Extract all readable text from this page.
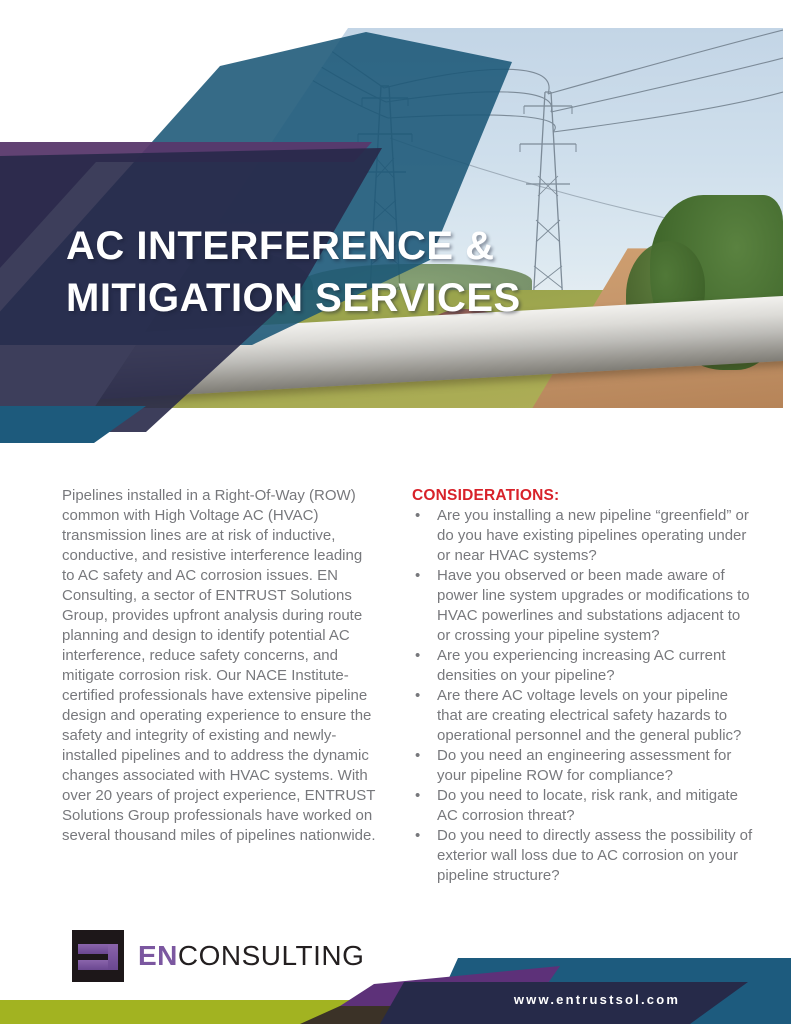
AC INTERFERENCE &
MITIGATION SERVICES

Pipelines installed in a Right-Of-Way (ROW) common with High Voltage AC (HVAC) transmission lines are at risk of inductive, conductive, and resistive interference leading to AC safety and AC corrosion issues. EN Consulting, a sector of ENTRUST Solutions Group, provides upfront analysis during route planning and design to identify potential AC interference, reduce safety concerns, and mitigate corrosion risk. Our NACE Institute-certified professionals have extensive pipeline design and operating experience to ensure the safety and integrity of existing and newly-installed pipelines and to address the dynamic changes associated with HVAC systems. With over 20 years of project experience, ENTRUST Solutions Group professionals have worked on several thousand miles of pipelines nationwide.

CONSIDERATIONS:
• Are you installing a new pipeline “greenfield” or do you have existing pipelines operating under or near HVAC systems?
• Have you observed or been made aware of power line system upgrades or modifications to HVAC powerlines and substations adjacent to or crossing your pipeline system?
• Are you experiencing increasing AC current densities on your pipeline?
• Are there AC voltage levels on your pipeline that are creating electrical safety hazards to operational personnel and the general public?
• Do you need an engineering assessment for your pipeline ROW for compliance?
• Do you need to locate, risk rank, and mitigate AC corrosion threat?
• Do you need to directly assess the possibility of exterior wall loss due to AC corrosion on your pipeline structure?
ENCONSULTING
www.entrustsol.com
